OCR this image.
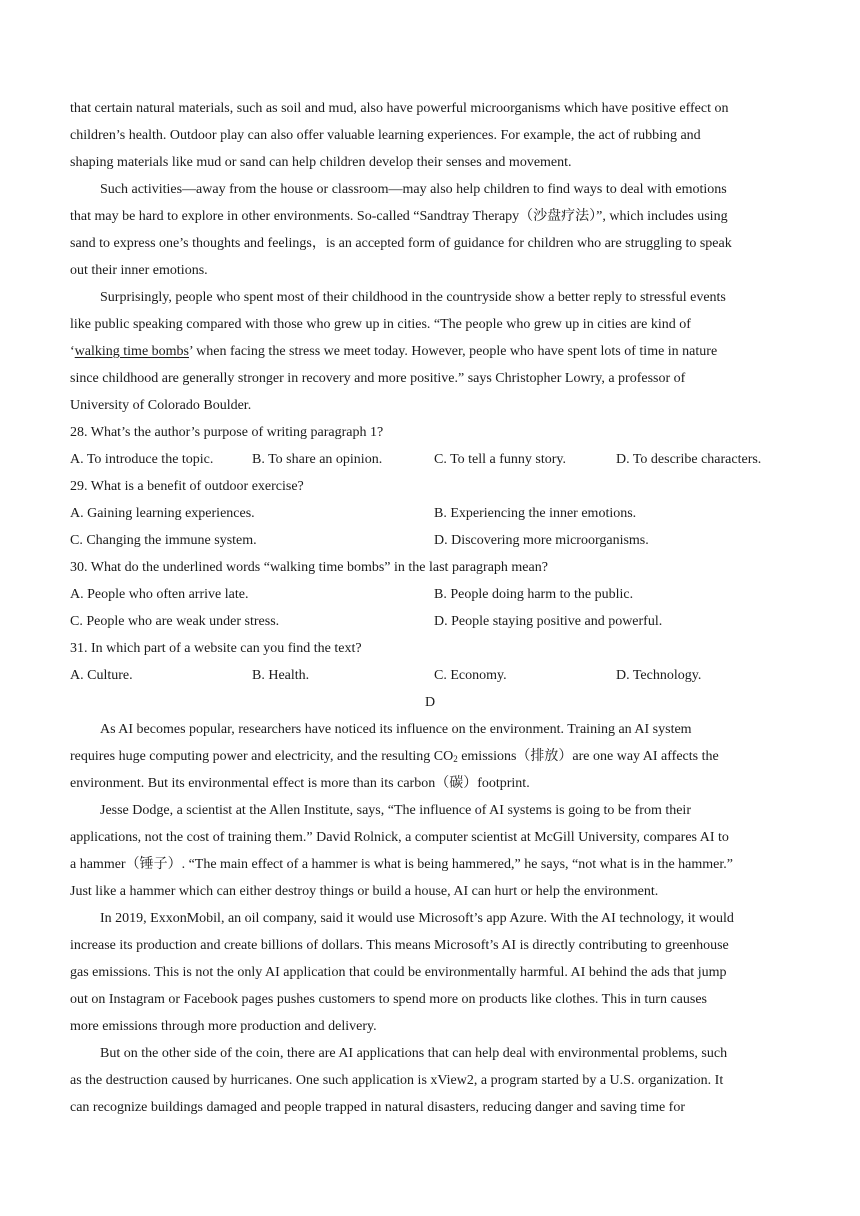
that certain natural materials, such as soil and mud, also have powerful microorganisms which have positive effect on
children’s health. Outdoor play can also offer valuable learning experiences. For example, the act of rubbing and
shaping materials like mud or sand can help children develop their senses and movement.
Such activities—away from the house or classroom—may also help children to find ways to deal with emotions
that may be hard to explore in other environments. So-called “Sandtray Therapy（沙盘疗法）”, which includes using
sand to express one’s thoughts and feelings，is an accepted form of guidance for children who are struggling to speak
out their inner emotions.
Surprisingly, people who spent most of their childhood in the countryside show a better reply to stressful events
like public speaking compared with those who grew up in cities. “The people who grew up in cities are kind of
‘walking time bombs’ when facing the stress we meet today. However, people who have spent lots of time in nature
since childhood are generally stronger in recovery and more positive.” says Christopher Lowry, a professor of
University of Colorado Boulder.
28. What’s the author’s purpose of writing paragraph 1?
A. To introduce the topic.	B. To share an opinion.	C. To tell a funny story.	D. To describe characters.
29. What is a benefit of outdoor exercise?
A. Gaining learning experiences.	B. Experiencing the inner emotions.
C. Changing the immune system.	D. Discovering more microorganisms.
30. What do the underlined words “walking time bombs” in the last paragraph mean?
A. People who often arrive late.	B. People doing harm to the public.
C. People who are weak under stress.	D. People staying positive and powerful.
31. In which part of a website can you find the text?
A. Culture.	B. Health.	C. Economy.	D. Technology.
D
As AI becomes popular, researchers have noticed its influence on the environment. Training an AI system
requires huge computing power and electricity, and the resulting $CO_2$ emissions（排放）are one way AI affects the
environment. But its environmental effect is more than its carbon（碳）footprint.
Jesse Dodge, a scientist at the Allen Institute, says, “The influence of AI systems is going to be from their
applications, not the cost of training them.” David Rolnick, a computer scientist at McGill University, compares AI to
a hammer（锤子）. “The main effect of a hammer is what is being hammered,” he says, “not what is in the hammer.”
Just like a hammer which can either destroy things or build a house, AI can hurt or help the environment.
In 2019, ExxonMobil, an oil company, said it would use Microsoft’s app Azure. With the AI technology, it would
increase its production and create billions of dollars. This means Microsoft’s AI is directly contributing to greenhouse
gas emissions. This is not the only AI application that could be environmentally harmful. AI behind the ads that jump
out on Instagram or Facebook pages pushes customers to spend more on products like clothes. This in turn causes
more emissions through more production and delivery.
But on the other side of the coin, there are AI applications that can help deal with environmental problems, such
as the destruction caused by hurricanes. One such application is xView2, a program started by a U.S. organization. It
can recognize buildings damaged and people trapped in natural disasters, reducing danger and saving time for
